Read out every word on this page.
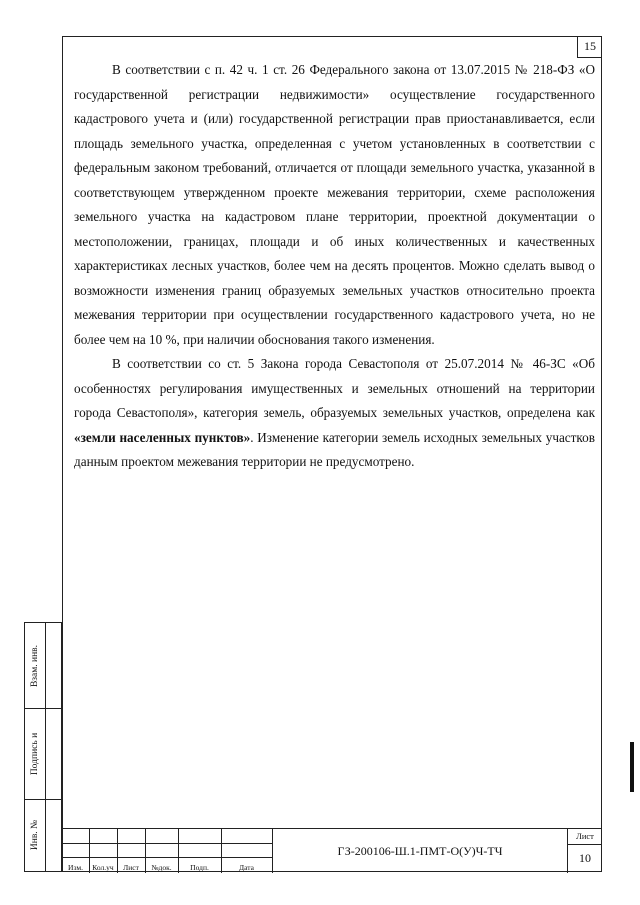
15

В соответствии с п. 42 ч. 1 ст. 26 Федерального закона от 13.07.2015 № 218-ФЗ «О государственной регистрации недвижимости» осуществление государственного кадастрового учета и (или) государственной регистрации прав приостанавливается, если площадь земельного участка, определенная с учетом установленных в соответствии с федеральным законом требований, отличается от площади земельного участка, указанной в соответствующем утвержденном проекте межевания территории, схеме расположения земельного участка на кадастровом плане территории, проектной документации о местоположении, границах, площади и об иных количественных и качественных характеристиках лесных участков, более чем на десять процентов. Можно сделать вывод о возможности изменения границ образуемых земельных участков относительно проекта межевания территории при осуществлении государственного кадастрового учета, но не более чем на 10 %, при наличии обоснования такого изменения.

В соответствии со ст. 5 Закона города Севастополя от 25.07.2014 № 46-ЗС «Об особенностях регулирования имущественных и земельных отношений на территории города Севастополя», категория земель, образуемых земельных участков, определена как «земли населенных пунктов». Изменение категории земель исходных земельных участков данным проектом межевания территории не предусмотрено.

Взам. инв.
Подпись и
Инв. №
Изм.	Кол.уч	Лист	№док.	Подп.	Дата
ГЗ-200106-Ш.1-ПМТ-О(У)Ч-ТЧ
Лист
10
